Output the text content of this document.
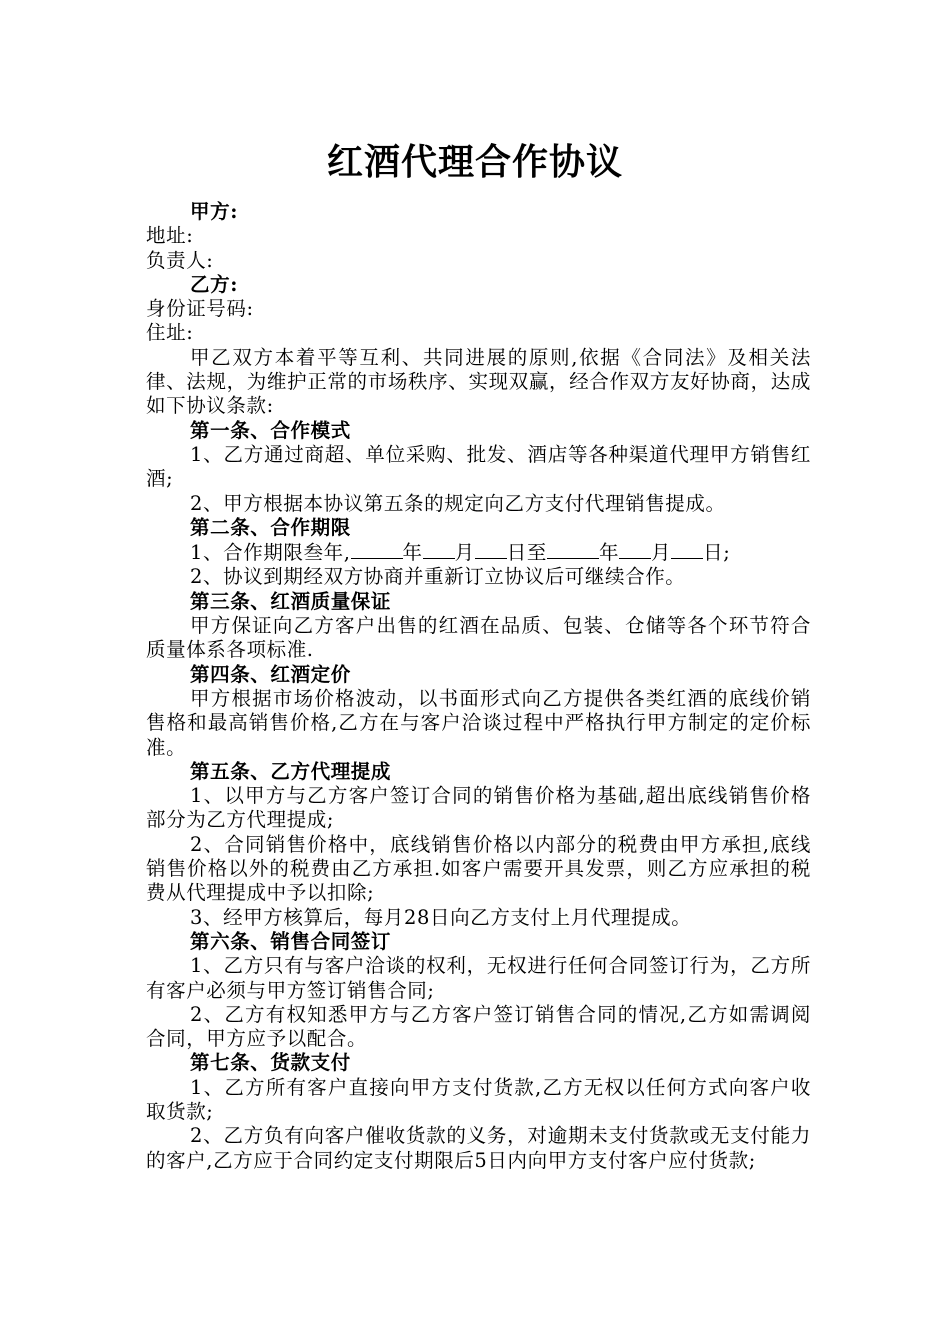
红酒代理合作协议

甲方:

地址:

负责人:

乙方:

身份证号码:

住址:

甲乙双方本着平等互利、共同进展的原则,依据《合同法》及相关法律、法规，为维护正常的市场秩序、实现双赢，经合作双方友好协商，达成如下协议条款:

第一条、合作模式

1、乙方通过商超、单位采购、批发、酒店等各种渠道代理甲方销售红酒;

2、甲方根据本协议第五条的规定向乙方支付代理销售提成。

第二条、合作期限

1、合作期限叁年,	年 月 日至	年 月 日;

2、协议到期经双方协商并重新订立协议后可继续合作。

第三条、红酒质量保证

甲方保证向乙方客户出售的红酒在品质、包装、仓储等各个环节符合质量体系各项标准.

第四条、红酒定价

甲方根据市场价格波动，以书面形式向乙方提供各类红酒的底线价销售格和最高销售价格,乙方在与客户洽谈过程中严格执行甲方制定的定价标准。

第五条、乙方代理提成

1、以甲方与乙方客户签订合同的销售价格为基础,超出底线销售价格部分为乙方代理提成;

2、合同销售价格中，底线销售价格以内部分的税费由甲方承担,底线销售价格以外的税费由乙方承担.如客户需要开具发票，则乙方应承担的税费从代理提成中予以扣除;

3、经甲方核算后，每月28日向乙方支付上月代理提成。

第六条、销售合同签订

1、乙方只有与客户洽谈的权利，无权进行任何合同签订行为，乙方所有客户必须与甲方签订销售合同;

2、乙方有权知悉甲方与乙方客户签订销售合同的情况,乙方如需调阅合同，甲方应予以配合。

第七条、货款支付

1、乙方所有客户直接向甲方支付货款,乙方无权以任何方式向客户收取货款;

2、乙方负有向客户催收货款的义务，对逾期未支付货款或无支付能力的客户,乙方应于合同约定支付期限后5日内向甲方支付客户应付货款;
